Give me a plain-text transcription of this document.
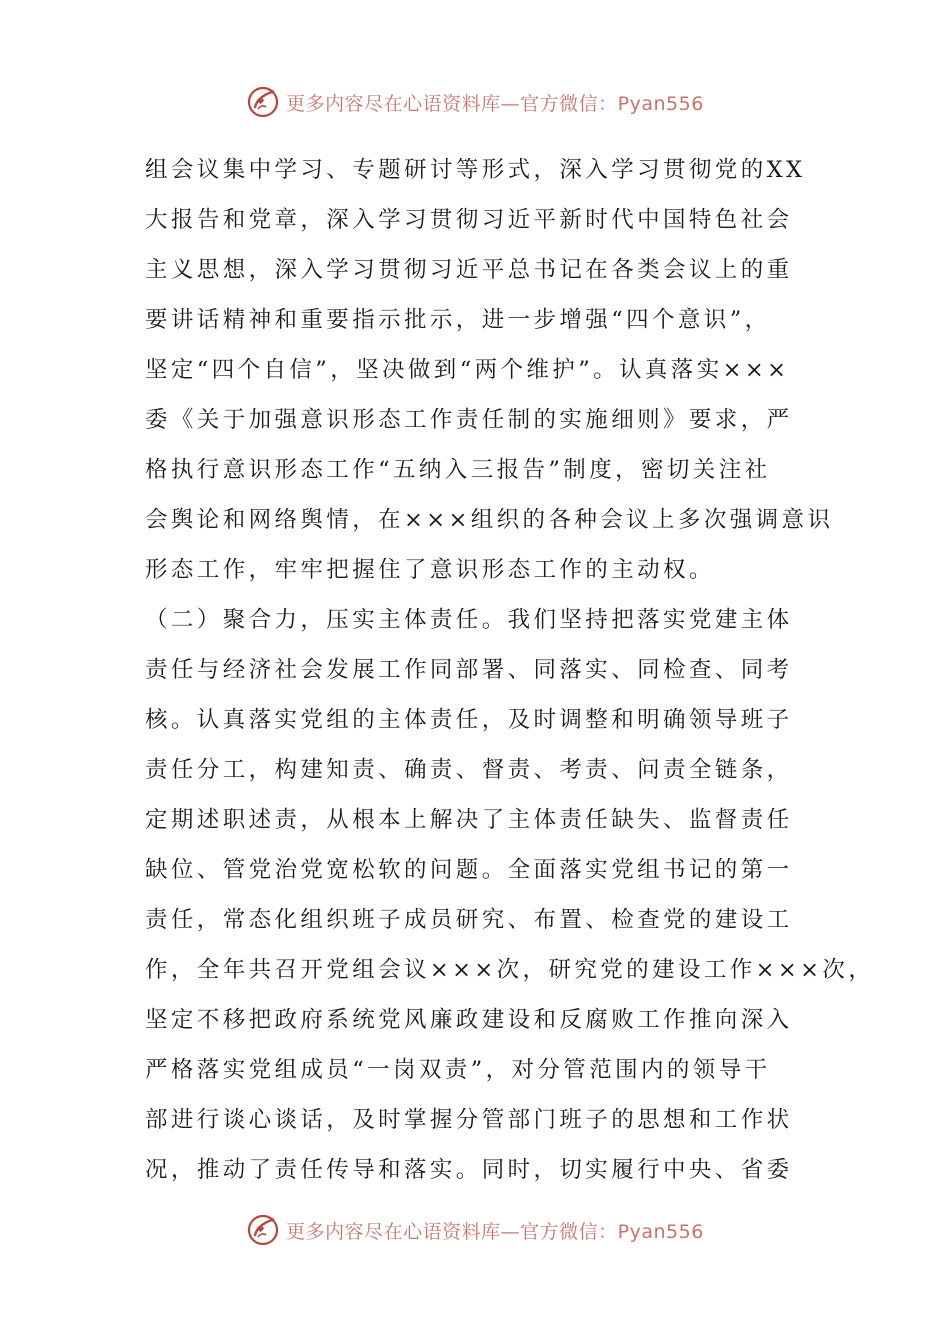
更多内容尽在心语资料库—官方微信：Pyan556
组会议集中学习、专题研讨等形式，深入学习贯彻党的XX
大报告和党章，深入学习贯彻习近平新时代中国特色社会
主义思想，深入学习贯彻习近平总书记在各类会议上的重
要讲话精神和重要指示批示，进一步增强“四个意识”，
坚定“四个自信”，坚决做到“两个维护”。认真落实×××
委《关于加强意识形态工作责任制的实施细则》要求，严
格执行意识形态工作“五纳入三报告”制度，密切关注社
会舆论和网络舆情，在×××组织的各种会议上多次强调意识
形态工作，牢牢把握住了意识形态工作的主动权。
（二）聚合力，压实主体责任。我们坚持把落实党建主体
责任与经济社会发展工作同部署、同落实、同检查、同考
核。认真落实党组的主体责任，及时调整和明确领导班子
责任分工，构建知责、确责、督责、考责、问责全链条，
定期述职述责，从根本上解决了主体责任缺失、监督责任
缺位、管党治党宽松软的问题。全面落实党组书记的第一
责任，常态化组织班子成员研究、布置、检查党的建设工
作，全年共召开党组会议×××次，研究党的建设工作×××次，
坚定不移把政府系统党风廉政建设和反腐败工作推向深入
严格落实党组成员“一岗双责”，对分管范围内的领导干
部进行谈心谈话，及时掌握分管部门班子的思想和工作状
况，推动了责任传导和落实。同时，切实履行中央、省委
更多内容尽在心语资料库—官方微信：Pyan556
